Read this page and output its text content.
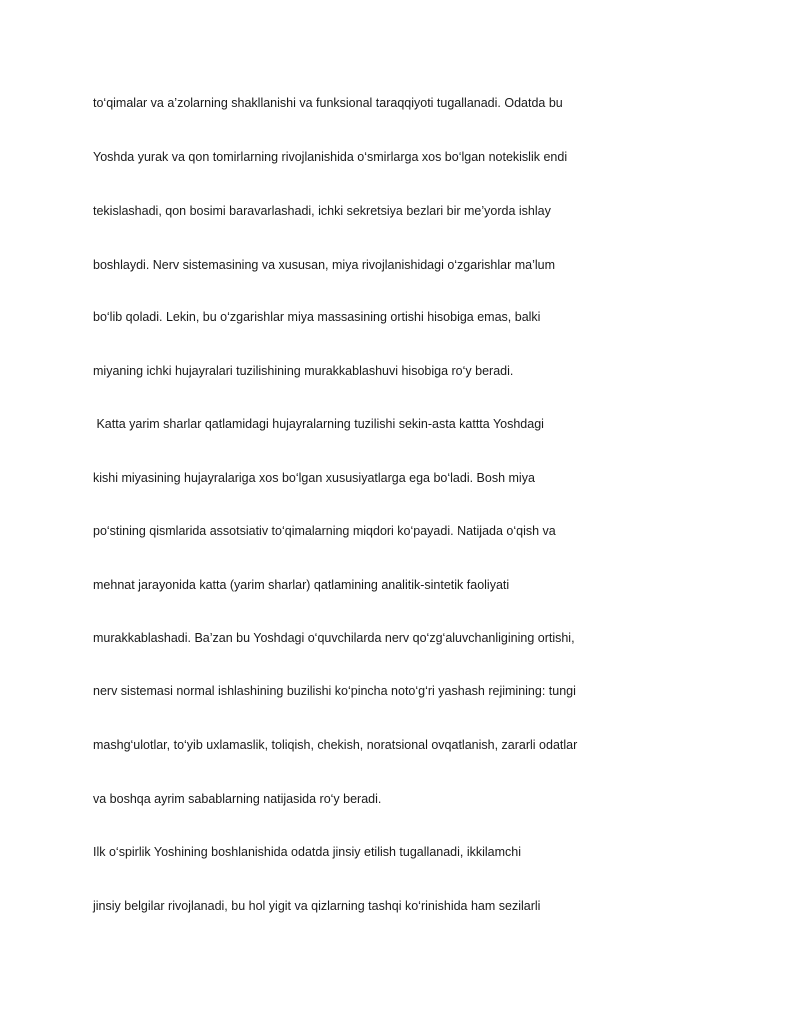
to‘qimalar va a’zolarning shakllanishi va funksional taraqqiyoti tugallanadi. Odatda bu

Yoshda yurak va qon tomirlarning rivojlanishida o‘smirlarga xos bo‘lgan notekislik endi

tekislashadi, qon bosimi baravarlashadi, ichki sekretsiya bezlari bir me’yorda ishlay

boshlaydi. Nerv sistemasining va xususan, miya rivojlanishidagi o‘zgarishlar ma’lum

bo‘lib qoladi. Lekin, bu o‘zgarishlar miya massasining ortishi hisobiga emas, balki

miyaning ichki hujayralari tuzilishining murakkablashuvi hisobiga ro‘y beradi.

Katta yarim sharlar qatlamidagi hujayralarning tuzilishi sekin-asta kattta Yoshdagi

kishi miyasining hujayralariga xos bo‘lgan xususiyatlarga ega bo‘ladi. Bosh miya

po‘stining qismlarida assotsiativ to‘qimalarning miqdori ko‘payadi. Natijada o‘qish va

mehnat jarayonida katta (yarim sharlar) qatlamining analitik-sintetik faoliyati

murakkablashadi. Ba’zan bu Yoshdagi o‘quvchilarda nerv qo‘zg‘aluvchanligining ortishi,

nerv sistemasi normal ishlashining buzilishi ko‘pincha noto‘g‘ri yashash rejimining: tungi

mashg‘ulotlar, to‘yib uxlamaslik, toliqish, chekish, noratsional ovqatlanish, zararli odatlar

va boshqa ayrim sabablarning natijasida ro‘y beradi.

Ilk o‘spirlik Yoshining boshlanishida odatda jinsiy etilish tugallanadi, ikkilamchi

jinsiy belgilar rivojlanadi, bu hol yigit va qizlarning tashqi ko‘rinishida ham sezilarli
